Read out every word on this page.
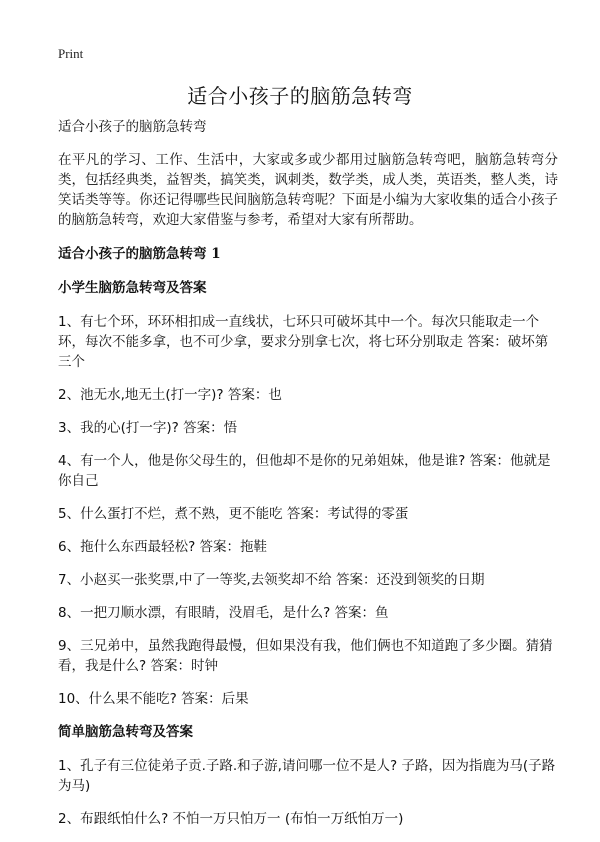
Print
适合小孩子的脑筋急转弯
适合小孩子的脑筋急转弯
在平凡的学习、工作、生活中，大家或多或少都用过脑筋急转弯吧，脑筋急转弯分类，包括经典类，益智类，搞笑类，讽刺类，数学类，成人类，英语类，整人类，诗笑话类等等。你还记得哪些民间脑筋急转弯呢？下面是小编为大家收集的适合小孩子的脑筋急转弯，欢迎大家借鉴与参考，希望对大家有所帮助。
适合小孩子的脑筋急转弯 1
小学生脑筋急转弯及答案
1、有七个环，环环相扣成一直线状，七环只可破坏其中一个。每次只能取走一个环，每次不能多拿，也不可少拿，要求分别拿七次，将七环分别取走 答案：破坏第三个
2、池无水,地无土(打一字)? 答案：也
3、我的心(打一字)? 答案：悟
4、有一个人，他是你父母生的，但他却不是你的兄弟姐妹，他是谁? 答案：他就是你自己
5、什么蛋打不烂，煮不熟，更不能吃 答案：考试得的零蛋
6、拖什么东西最轻松? 答案：拖鞋
7、小赵买一张奖票,中了一等奖,去领奖却不给 答案：还没到领奖的日期
8、一把刀顺水漂，有眼睛，没眉毛，是什么? 答案：鱼
9、三兄弟中，虽然我跑得最慢，但如果没有我，他们俩也不知道跑了多少圈。猜猜看，我是什么? 答案：时钟
10、什么果不能吃? 答案：后果
简单脑筋急转弯及答案
1、孔子有三位徒弟子贡.子路.和子游,请问哪一位不是人? 子路，因为指鹿为马(子路 为马)
2、布跟纸怕什么? 不怕一万只怕万一 (布怕一万纸怕万一)
